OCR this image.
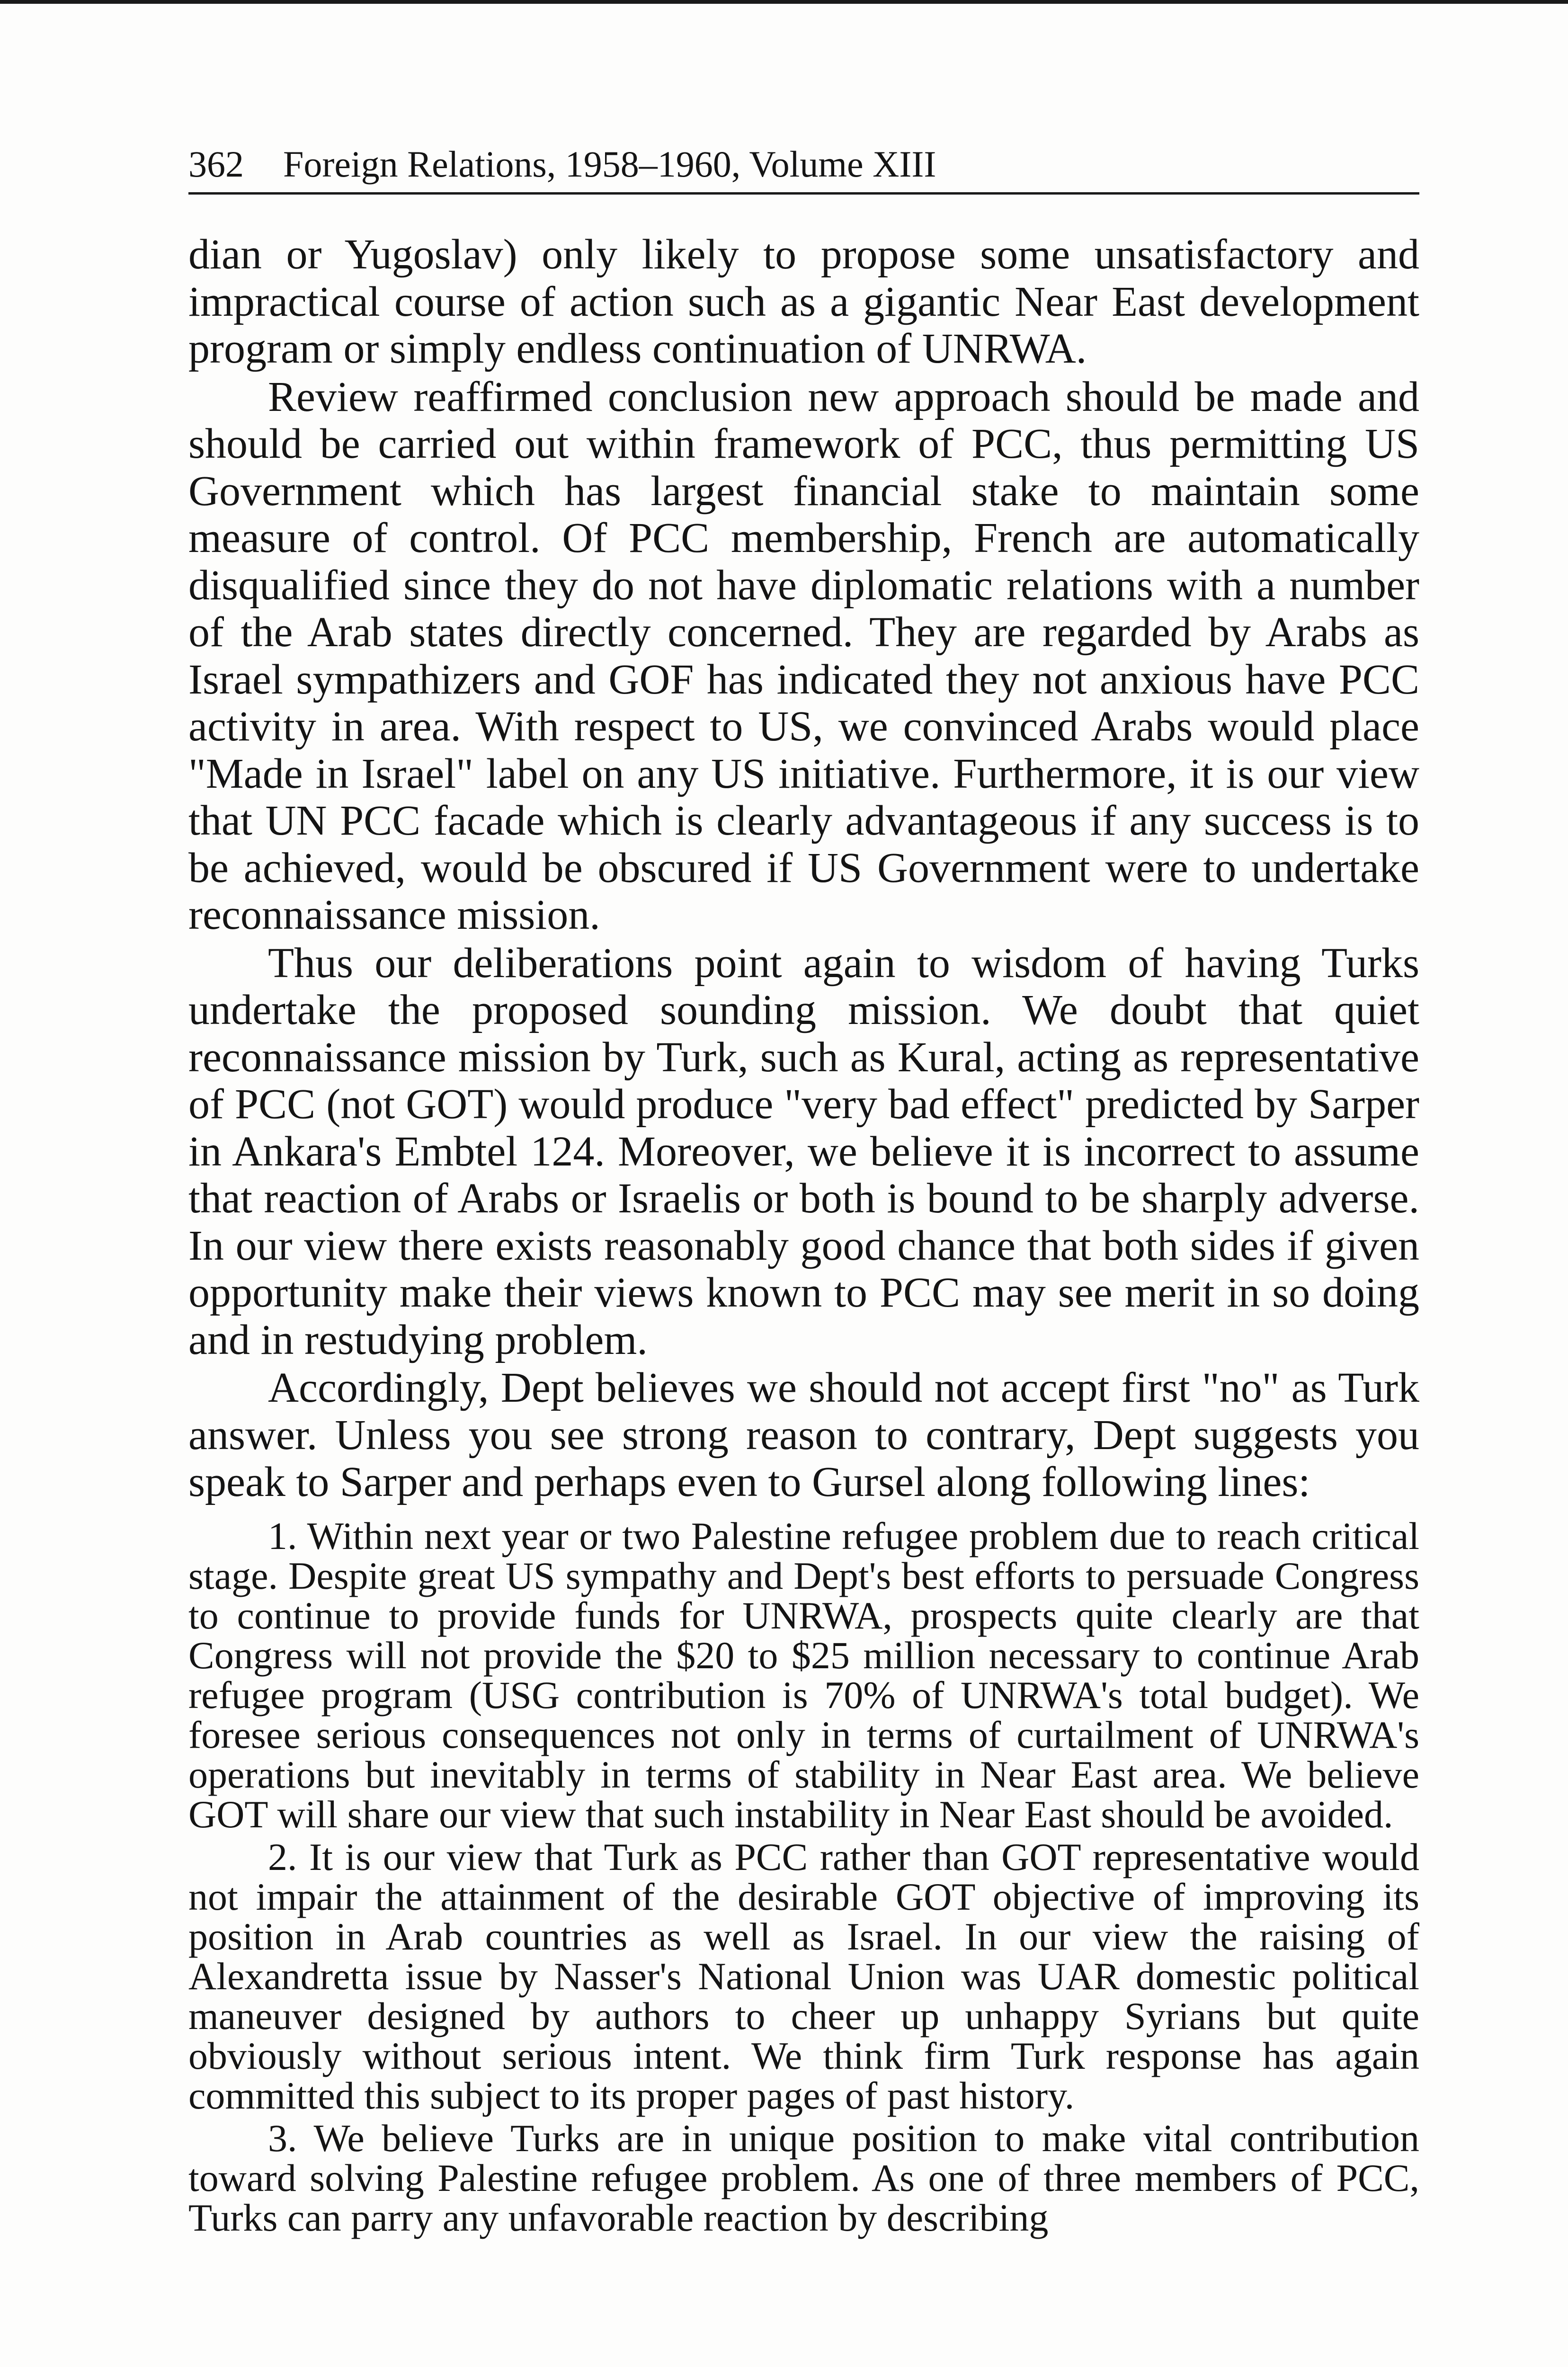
362 Foreign Relations, 1958–1960, Volume XIII

dian or Yugoslav) only likely to propose some unsatisfactory and impractical course of action such as a gigantic Near East development program or simply endless continuation of UNRWA.

Review reaffirmed conclusion new approach should be made and should be carried out within framework of PCC, thus permitting US Government which has largest financial stake to maintain some measure of control. Of PCC membership, French are automatically disqualified since they do not have diplomatic relations with a number of the Arab states directly concerned. They are regarded by Arabs as Israel sympathizers and GOF has indicated they not anxious have PCC activity in area. With respect to US, we convinced Arabs would place "Made in Israel" label on any US initiative. Furthermore, it is our view that UN PCC facade which is clearly advantageous if any success is to be achieved, would be obscured if US Government were to undertake reconnaissance mission.

Thus our deliberations point again to wisdom of having Turks undertake the proposed sounding mission. We doubt that quiet reconnaissance mission by Turk, such as Kural, acting as representative of PCC (not GOT) would produce "very bad effect" predicted by Sarper in Ankara's Embtel 124. Moreover, we believe it is incorrect to assume that reaction of Arabs or Israelis or both is bound to be sharply adverse. In our view there exists reasonably good chance that both sides if given opportunity make their views known to PCC may see merit in so doing and in restudying problem.

Accordingly, Dept believes we should not accept first "no" as Turk answer. Unless you see strong reason to contrary, Dept suggests you speak to Sarper and perhaps even to Gursel along following lines:

1. Within next year or two Palestine refugee problem due to reach critical stage. Despite great US sympathy and Dept's best efforts to persuade Congress to continue to provide funds for UNRWA, prospects quite clearly are that Congress will not provide the $20 to $25 million necessary to continue Arab refugee program (USG contribution is 70% of UNRWA's total budget). We foresee serious consequences not only in terms of curtailment of UNRWA's operations but inevitably in terms of stability in Near East area. We believe GOT will share our view that such instability in Near East should be avoided.
2. It is our view that Turk as PCC rather than GOT representative would not impair the attainment of the desirable GOT objective of improving its position in Arab countries as well as Israel. In our view the raising of Alexandretta issue by Nasser's National Union was UAR domestic political maneuver designed by authors to cheer up unhappy Syrians but quite obviously without serious intent. We think firm Turk response has again committed this subject to its proper pages of past history.
3. We believe Turks are in unique position to make vital contribution toward solving Palestine refugee problem. As one of three members of PCC, Turks can parry any unfavorable reaction by describing
